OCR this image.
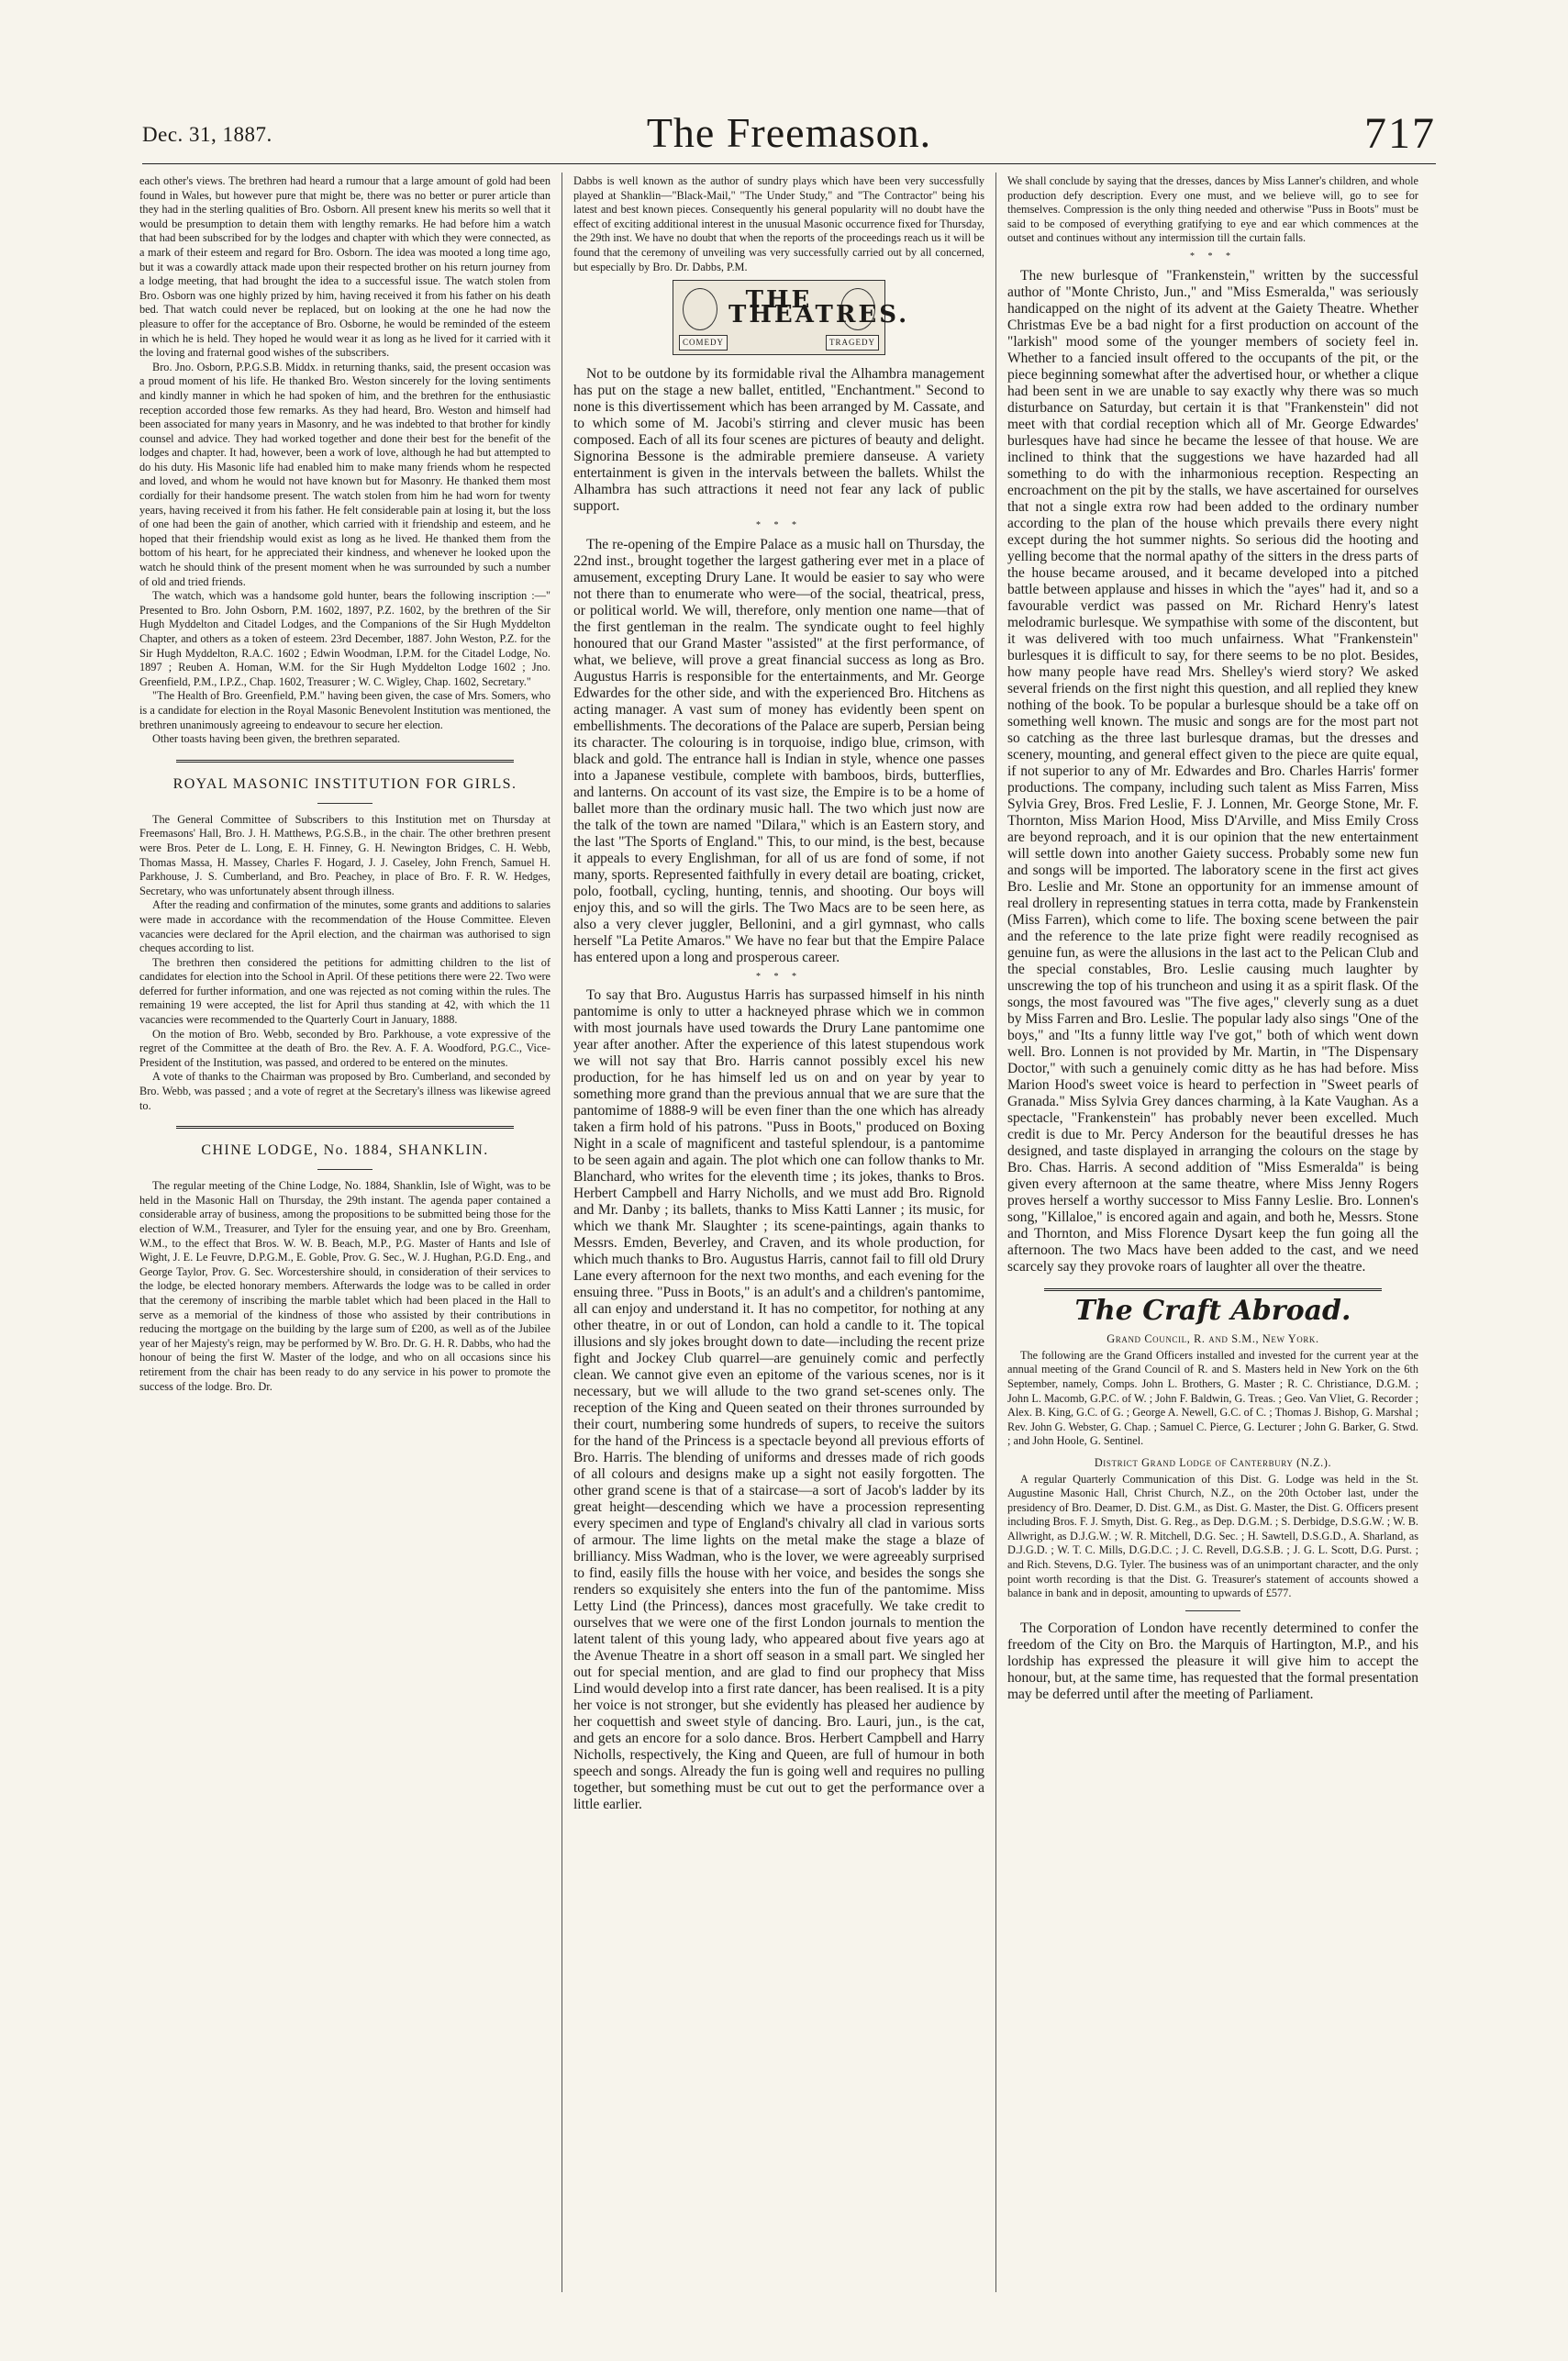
Dec. 31, 1887.	The Freemason.	717

each other's views. The brethren had heard a rumour that a large amount of gold had been found in Wales, but however pure that might be, there was no better or purer article than they had in the sterling qualities of Bro. Osborn. All present knew his merits so well that it would be presumption to detain them with lengthy remarks. He had before him a watch that had been subscribed for by the lodges and chapter with which they were connected, as a mark of their esteem and regard for Bro. Osborn. The idea was mooted a long time ago, but it was a cowardly attack made upon their respected brother on his return journey from a lodge meeting, that had brought the idea to a successful issue. The watch stolen from Bro. Osborn was one highly prized by him, having received it from his father on his death bed. That watch could never be replaced, but on looking at the one he had now the pleasure to offer for the acceptance of Bro. Osborne, he would be reminded of the esteem in which he is held. They hoped he would wear it as long as he lived for it carried with it the loving and fraternal good wishes of the subscribers.

Bro. Jno. Osborn, P.P.G.S.B. Middx. in returning thanks, said, the present occasion was a proud moment of his life. He thanked Bro. Weston sincerely for the loving sentiments and kindly manner in which he had spoken of him, and the brethren for the enthusiastic reception accorded those few remarks. As they had heard, Bro. Weston and himself had been associated for many years in Masonry, and he was indebted to that brother for kindly counsel and advice. They had worked together and done their best for the benefit of the lodges and chapter. It had, however, been a work of love, although he had but attempted to do his duty. His Masonic life had enabled him to make many friends whom he respected and loved, and whom he would not have known but for Masonry. He thanked them most cordially for their handsome present. The watch stolen from him he had worn for twenty years, having received it from his father. He felt considerable pain at losing it, but the loss of one had been the gain of another, which carried with it friendship and esteem, and he hoped that their friendship would exist as long as he lived. He thanked them from the bottom of his heart, for he appreciated their kindness, and whenever he looked upon the watch he should think of the present moment when he was surrounded by such a number of old and tried friends.

The watch, which was a handsome gold hunter, bears the following inscription :—" Presented to Bro. John Osborn, P.M. 1602, 1897, P.Z. 1602, by the brethren of the Sir Hugh Myddelton and Citadel Lodges, and the Companions of the Sir Hugh Myddelton Chapter, and others as a token of esteem. 23rd December, 1887. John Weston, P.Z. for the Sir Hugh Myddelton, R.A.C. 1602 ; Edwin Woodman, I.P.M. for the Citadel Lodge, No. 1897 ; Reuben A. Homan, W.M. for the Sir Hugh Myddelton Lodge 1602 ; Jno. Greenfield, P.M., I.P.Z., Chap. 1602, Treasurer ; W. C. Wigley, Chap. 1602, Secretary."

"The Health of Bro. Greenfield, P.M." having been given, the case of Mrs. Somers, who is a candidate for election in the Royal Masonic Benevolent Institution was mentioned, the brethren unanimously agreeing to endeavour to secure her election.

Other toasts having been given, the brethren separated.

ROYAL MASONIC INSTITUTION FOR GIRLS.

The General Committee of Subscribers to this Institution met on Thursday at Freemasons' Hall, Bro. J. H. Matthews, P.G.S.B., in the chair. The other brethren present were Bros. Peter de L. Long, E. H. Finney, G. H. Newington Bridges, C. H. Webb, Thomas Massa, H. Massey, Charles F. Hogard, J. J. Caseley, John French, Samuel H. Parkhouse, J. S. Cumberland, and Bro. Peachey, in place of Bro. F. R. W. Hedges, Secretary, who was unfortunately absent through illness.

After the reading and confirmation of the minutes, some grants and additions to salaries were made in accordance with the recommendation of the House Committee. Eleven vacancies were declared for the April election, and the chairman was authorised to sign cheques according to list.

The brethren then considered the petitions for admitting children to the list of candidates for election into the School in April. Of these petitions there were 22. Two were deferred for further information, and one was rejected as not coming within the rules. The remaining 19 were accepted, the list for April thus standing at 42, with which the 11 vacancies were recommended to the Quarterly Court in January, 1888.

On the motion of Bro. Webb, seconded by Bro. Parkhouse, a vote expressive of the regret of the Committee at the death of Bro. the Rev. A. F. A. Woodford, P.G.C., Vice-President of the Institution, was passed, and ordered to be entered on the minutes.

A vote of thanks to the Chairman was proposed by Bro. Cumberland, and seconded by Bro. Webb, was passed ; and a vote of regret at the Secretary's illness was likewise agreed to.

CHINE LODGE, No. 1884, SHANKLIN.

The regular meeting of the Chine Lodge, No. 1884, Shanklin, Isle of Wight, was to be held in the Masonic Hall on Thursday, the 29th instant. The agenda paper contained a considerable array of business, among the propositions to be submitted being those for the election of W.M., Treasurer, and Tyler for the ensuing year, and one by Bro. Greenham, W.M., to the effect that Bros. W. W. B. Beach, M.P., P.G. Master of Hants and Isle of Wight, J. E. Le Feuvre, D.P.G.M., E. Goble, Prov. G. Sec., W. J. Hughan, P.G.D. Eng., and George Taylor, Prov. G. Sec. Worcestershire should, in consideration of their services to the lodge, be elected honorary members. Afterwards the lodge was to be called in order that the ceremony of inscribing the marble tablet which had been placed in the Hall to serve as a memorial of the kindness of those who assisted by their contributions in reducing the mortgage on the building by the large sum of £200, as well as of the Jubilee year of her Majesty's reign, may be performed by W. Bro. Dr. G. H. R. Dabbs, who had the honour of being the first W. Master of the lodge, and who on all occasions since his retirement from the chair has been ready to do any service in his power to promote the success of the lodge. Bro. Dr.

Dabbs is well known as the author of sundry plays which have been very successfully played at Shanklin—"Black-Mail," "The Under Study," and "The Contractor" being his latest and best known pieces. Consequently his general popularity will no doubt have the effect of exciting additional interest in the unusual Masonic occurrence fixed for Thursday, the 29th inst. We have no doubt that when the reports of the proceedings reach us it will be found that the ceremony of unveiling was very successfully carried out by all concerned, but especially by Bro. Dr. Dabbs, P.M.

THE THEATRES.
COMEDY	TRAGEDY

Not to be outdone by its formidable rival the Alhambra management has put on the stage a new ballet, entitled, "Enchantment." Second to none is this divertissement which has been arranged by M. Cassate, and to which some of M. Jacobi's stirring and clever music has been composed. Each of all its four scenes are pictures of beauty and delight. Signorina Bessone is the admirable premiere danseuse. A variety entertainment is given in the intervals between the ballets. Whilst the Alhambra has such attractions it need not fear any lack of public support.

* * *

The re-opening of the Empire Palace as a music hall on Thursday, the 22nd inst., brought together the largest gathering ever met in a place of amusement, excepting Drury Lane. It would be easier to say who were not there than to enumerate who were—of the social, theatrical, press, or political world. We will, therefore, only mention one name—that of the first gentleman in the realm. The syndicate ought to feel highly honoured that our Grand Master "assisted" at the first performance, of what, we believe, will prove a great financial success as long as Bro. Augustus Harris is responsible for the entertainments, and Mr. George Edwardes for the other side, and with the experienced Bro. Hitchens as acting manager. A vast sum of money has evidently been spent on embellishments. The decorations of the Palace are superb, Persian being its character. The colouring is in torquoise, indigo blue, crimson, with black and gold. The entrance hall is Indian in style, whence one passes into a Japanese vestibule, complete with bamboos, birds, butterflies, and lanterns. On account of its vast size, the Empire is to be a home of ballet more than the ordinary music hall. The two which just now are the talk of the town are named "Dilara," which is an Eastern story, and the last "The Sports of England." This, to our mind, is the best, because it appeals to every Englishman, for all of us are fond of some, if not many, sports. Represented faithfully in every detail are boating, cricket, polo, football, cycling, hunting, tennis, and shooting. Our boys will enjoy this, and so will the girls. The Two Macs are to be seen here, as also a very clever juggler, Bellonini, and a girl gymnast, who calls herself "La Petite Amaros." We have no fear but that the Empire Palace has entered upon a long and prosperous career.

* * *

To say that Bro. Augustus Harris has surpassed himself in his ninth pantomime is only to utter a hackneyed phrase which we in common with most journals have used towards the Drury Lane pantomime one year after another. After the experience of this latest stupendous work we will not say that Bro. Harris cannot possibly excel his new production, for he has himself led us on and on year by year to something more grand than the previous annual that we are sure that the pantomime of 1888-9 will be even finer than the one which has already taken a firm hold of his patrons. "Puss in Boots," produced on Boxing Night in a scale of magnificent and tasteful splendour, is a pantomime to be seen again and again. The plot which one can follow thanks to Mr. Blanchard, who writes for the eleventh time ; its jokes, thanks to Bros. Herbert Campbell and Harry Nicholls, and we must add Bro. Rignold and Mr. Danby ; its ballets, thanks to Miss Katti Lanner ; its music, for which we thank Mr. Slaughter ; its scene-paintings, again thanks to Messrs. Emden, Beverley, and Craven, and its whole production, for which much thanks to Bro. Augustus Harris, cannot fail to fill old Drury Lane every afternoon for the next two months, and each evening for the ensuing three. "Puss in Boots," is an adult's and a children's pantomime, all can enjoy and understand it. It has no competitor, for nothing at any other theatre, in or out of London, can hold a candle to it. The topical illusions and sly jokes brought down to date—including the recent prize fight and Jockey Club quarrel—are genuinely comic and perfectly clean. We cannot give even an epitome of the various scenes, nor is it necessary, but we will allude to the two grand set-scenes only. The reception of the King and Queen seated on their thrones surrounded by their court, numbering some hundreds of supers, to receive the suitors for the hand of the Princess is a spectacle beyond all previous efforts of Bro. Harris. The blending of uniforms and dresses made of rich goods of all colours and designs make up a sight not easily forgotten. The other grand scene is that of a staircase—a sort of Jacob's ladder by its great height—descending which we have a procession representing every specimen and type of England's chivalry all clad in various sorts of armour. The lime lights on the metal make the stage a blaze of brilliancy. Miss Wadman, who is the lover, we were agreeably surprised to find, easily fills the house with her voice, and besides the songs she renders so exquisitely she enters into the fun of the pantomime. Miss Letty Lind (the Princess), dances most gracefully. We take credit to ourselves that we were one of the first London journals to mention the latent talent of this young lady, who appeared about five years ago at the Avenue Theatre in a short off season in a small part. We singled her out for special mention, and are glad to find our prophecy that Miss Lind would develop into a first rate dancer, has been realised. It is a pity her voice is not stronger, but she evidently has pleased her audience by her coquettish and sweet style of dancing. Bro. Lauri, jun., is the cat, and gets an encore for a solo dance. Bros. Herbert Campbell and Harry Nicholls, respectively, the King and Queen, are full of humour in both speech and songs. Already the fun is going well and requires no pulling together, but something must be cut out to get the performance over a little earlier.

We shall conclude by saying that the dresses, dances by Miss Lanner's children, and whole production defy description. Every one must, and we believe will, go to see for themselves. Compression is the only thing needed and otherwise "Puss in Boots" must be said to be composed of everything gratifying to eye and ear which commences at the outset and continues without any intermission till the curtain falls.

* * *

The new burlesque of "Frankenstein," written by the successful author of "Monte Christo, Jun.," and "Miss Esmeralda," was seriously handicapped on the night of its advent at the Gaiety Theatre. Whether Christmas Eve be a bad night for a first production on account of the "larkish" mood some of the younger members of society feel in. Whether to a fancied insult offered to the occupants of the pit, or the piece beginning somewhat after the advertised hour, or whether a clique had been sent in we are unable to say exactly why there was so much disturbance on Saturday, but certain it is that "Frankenstein" did not meet with that cordial reception which all of Mr. George Edwardes' burlesques have had since he became the lessee of that house. We are inclined to think that the suggestions we have hazarded had all something to do with the inharmonious reception. Respecting an encroachment on the pit by the stalls, we have ascertained for ourselves that not a single extra row had been added to the ordinary number according to the plan of the house which prevails there every night except during the hot summer nights. So serious did the hooting and yelling become that the normal apathy of the sitters in the dress parts of the house became aroused, and it became developed into a pitched battle between applause and hisses in which the "ayes" had it, and so a favourable verdict was passed on Mr. Richard Henry's latest melodramic burlesque. We sympathise with some of the discontent, but it was delivered with too much unfairness. What "Frankenstein" burlesques it is difficult to say, for there seems to be no plot. Besides, how many people have read Mrs. Shelley's wierd story? We asked several friends on the first night this question, and all replied they knew nothing of the book. To be popular a burlesque should be a take off on something well known. The music and songs are for the most part not so catching as the three last burlesque dramas, but the dresses and scenery, mounting, and general effect given to the piece are quite equal, if not superior to any of Mr. Edwardes and Bro. Charles Harris' former productions. The company, including such talent as Miss Farren, Miss Sylvia Grey, Bros. Fred Leslie, F. J. Lonnen, Mr. George Stone, Mr. F. Thornton, Miss Marion Hood, Miss D'Arville, and Miss Emily Cross are beyond reproach, and it is our opinion that the new entertainment will settle down into another Gaiety success. Probably some new fun and songs will be imported. The laboratory scene in the first act gives Bro. Leslie and Mr. Stone an opportunity for an immense amount of real drollery in representing statues in terra cotta, made by Frankenstein (Miss Farren), which come to life. The boxing scene between the pair and the reference to the late prize fight were readily recognised as genuine fun, as were the allusions in the last act to the Pelican Club and the special constables, Bro. Leslie causing much laughter by unscrewing the top of his truncheon and using it as a spirit flask. Of the songs, the most favoured was "The five ages," cleverly sung as a duet by Miss Farren and Bro. Leslie. The popular lady also sings "One of the boys," and "Its a funny little way I've got," both of which went down well. Bro. Lonnen is not provided by Mr. Martin, in "The Dispensary Doctor," with such a genuinely comic ditty as he has had before. Miss Marion Hood's sweet voice is heard to perfection in "Sweet pearls of Granada." Miss Sylvia Grey dances charming, à la Kate Vaughan. As a spectacle, "Frankenstein" has probably never been excelled. Much credit is due to Mr. Percy Anderson for the beautiful dresses he has designed, and taste displayed in arranging the colours on the stage by Bro. Chas. Harris. A second addition of "Miss Esmeralda" is being given every afternoon at the same theatre, where Miss Jenny Rogers proves herself a worthy successor to Miss Fanny Leslie. Bro. Lonnen's song, "Killaloe," is encored again and again, and both he, Messrs. Stone and Thornton, and Miss Florence Dysart keep the fun going all the afternoon. The two Macs have been added to the cast, and we need scarcely say they provoke roars of laughter all over the theatre.

The Craft Abroad.
Grand Council, R. and S.M., New York.

The following are the Grand Officers installed and invested for the current year at the annual meeting of the Grand Council of R. and S. Masters held in New York on the 6th September, namely, Comps. John L. Brothers, G. Master ; R. C. Christiance, D.G.M. ; John L. Macomb, G.P.C. of W. ; John F. Baldwin, G. Treas. ; Geo. Van Vliet, G. Recorder ; Alex. B. King, G.C. of G. ; George A. Newell, G.C. of C. ; Thomas J. Bishop, G. Marshal ; Rev. John G. Webster, G. Chap. ; Samuel C. Pierce, G. Lecturer ; John G. Barker, G. Stwd. ; and John Hoole, G. Sentinel.

District Grand Lodge of Canterbury (N.Z.).

A regular Quarterly Communication of this Dist. G. Lodge was held in the St. Augustine Masonic Hall, Christ Church, N.Z., on the 20th October last, under the presidency of Bro. Deamer, D. Dist. G.M., as Dist. G. Master, the Dist. G. Officers present including Bros. F. J. Smyth, Dist. G. Reg., as Dep. D.G.M. ; S. Derbidge, D.S.G.W. ; W. B. Allwright, as D.J.G.W. ; W. R. Mitchell, D.G. Sec. ; H. Sawtell, D.S.G.D., A. Sharland, as D.J.G.D. ; W. T. C. Mills, D.G.D.C. ; J. C. Revell, D.G.S.B. ; J. G. L. Scott, D.G. Purst. ; and Rich. Stevens, D.G. Tyler. The business was of an unimportant character, and the only point worth recording is that the Dist. G. Treasurer's statement of accounts showed a balance in bank and in deposit, amounting to upwards of £577.

The Corporation of London have recently determined to confer the freedom of the City on Bro. the Marquis of Hartington, M.P., and his lordship has expressed the pleasure it will give him to accept the honour, but, at the same time, has requested that the formal presentation may be deferred until after the meeting of Parliament.
